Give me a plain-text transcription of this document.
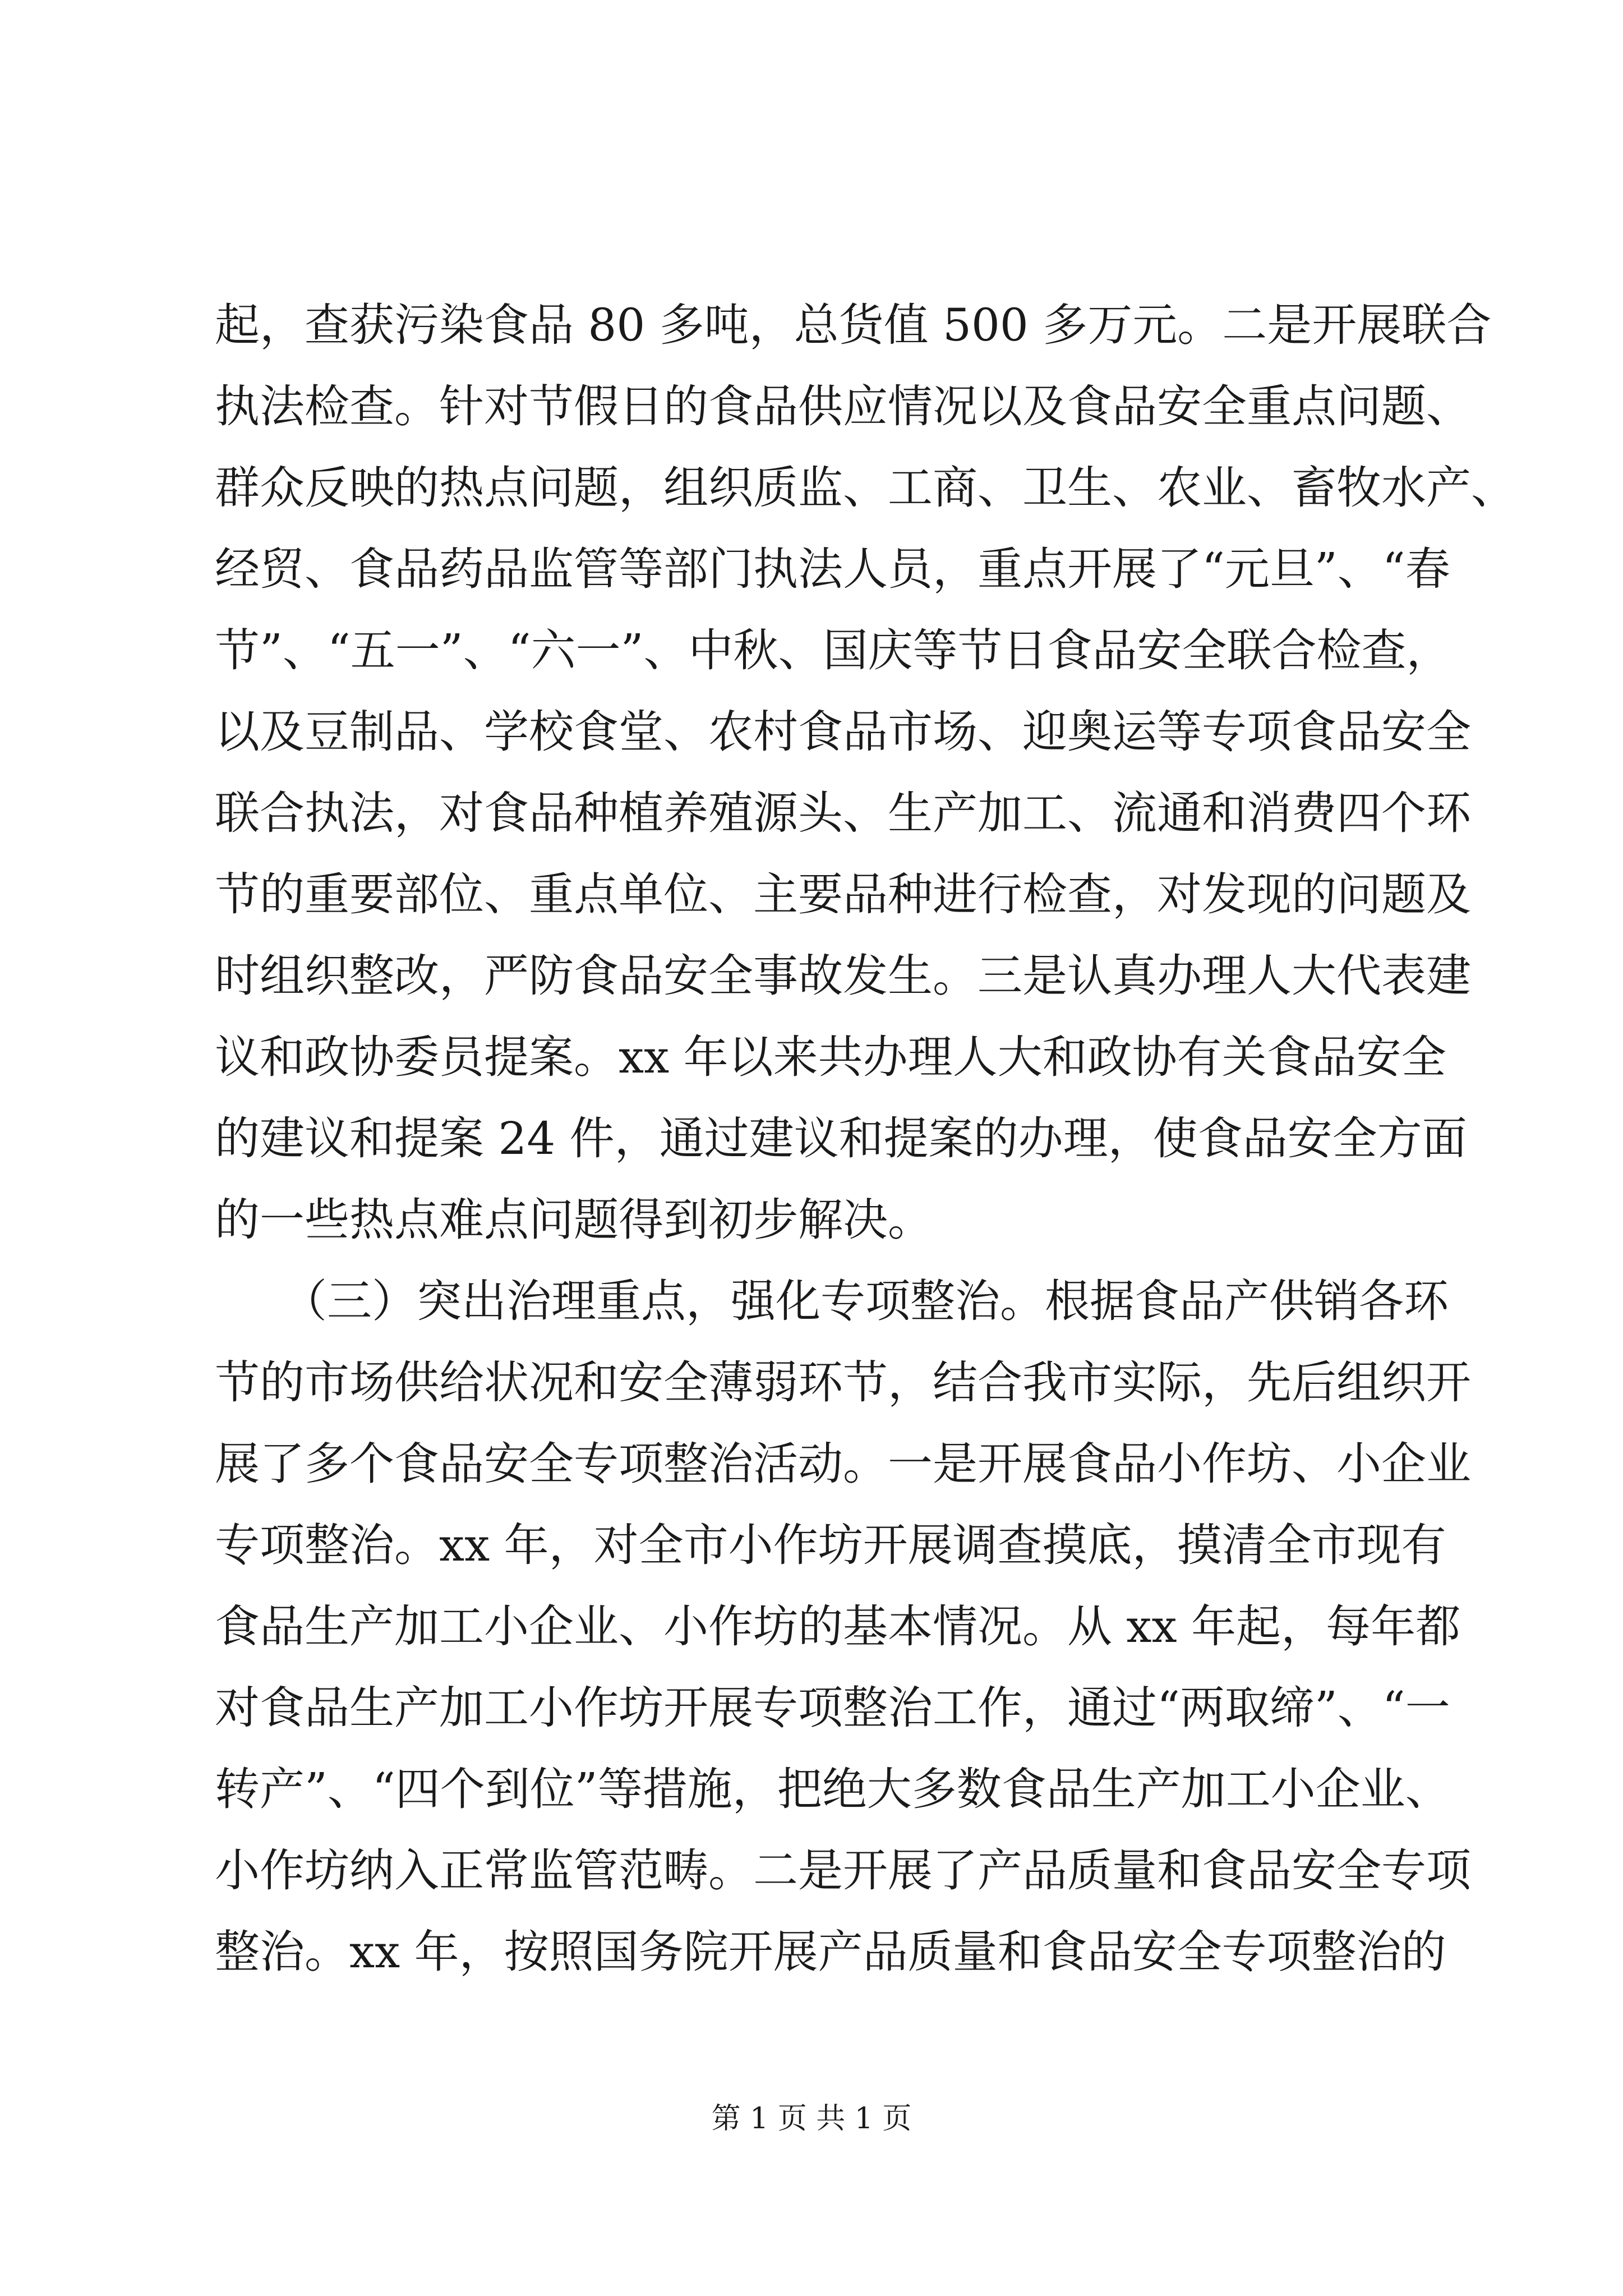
起，查获污染食品 80 多吨，总货值 500 多万元。二是开展联合
执法检查。针对节假日的食品供应情况以及食品安全重点问题、
群众反映的热点问题，组织质监、工商、卫生、农业、畜牧水产、
经贸、食品药品监管等部门执法人员，重点开展了“元旦”、“春
节”、“五一”、“六一”、中秋、国庆等节日食品安全联合检查，
以及豆制品、学校食堂、农村食品市场、迎奥运等专项食品安全
联合执法，对食品种植养殖源头、生产加工、流通和消费四个环
节的重要部位、重点单位、主要品种进行检查，对发现的问题及
时组织整改，严防食品安全事故发生。三是认真办理人大代表建
议和政协委员提案。xx 年以来共办理人大和政协有关食品安全
的建议和提案 24 件，通过建议和提案的办理，使食品安全方面
的一些热点难点问题得到初步解决。
　　（三）突出治理重点，强化专项整治。根据食品产供销各环
节的市场供给状况和安全薄弱环节，结合我市实际，先后组织开
展了多个食品安全专项整治活动。一是开展食品小作坊、小企业
专项整治。xx 年，对全市小作坊开展调查摸底，摸清全市现有
食品生产加工小企业、小作坊的基本情况。从 xx 年起，每年都
对食品生产加工小作坊开展专项整治工作，通过“两取缔”、“一
转产”、“四个到位”等措施，把绝大多数食品生产加工小企业、
小作坊纳入正常监管范畴。二是开展了产品质量和食品安全专项
整治。xx 年，按照国务院开展产品质量和食品安全专项整治的
第 1 页 共 1 页
